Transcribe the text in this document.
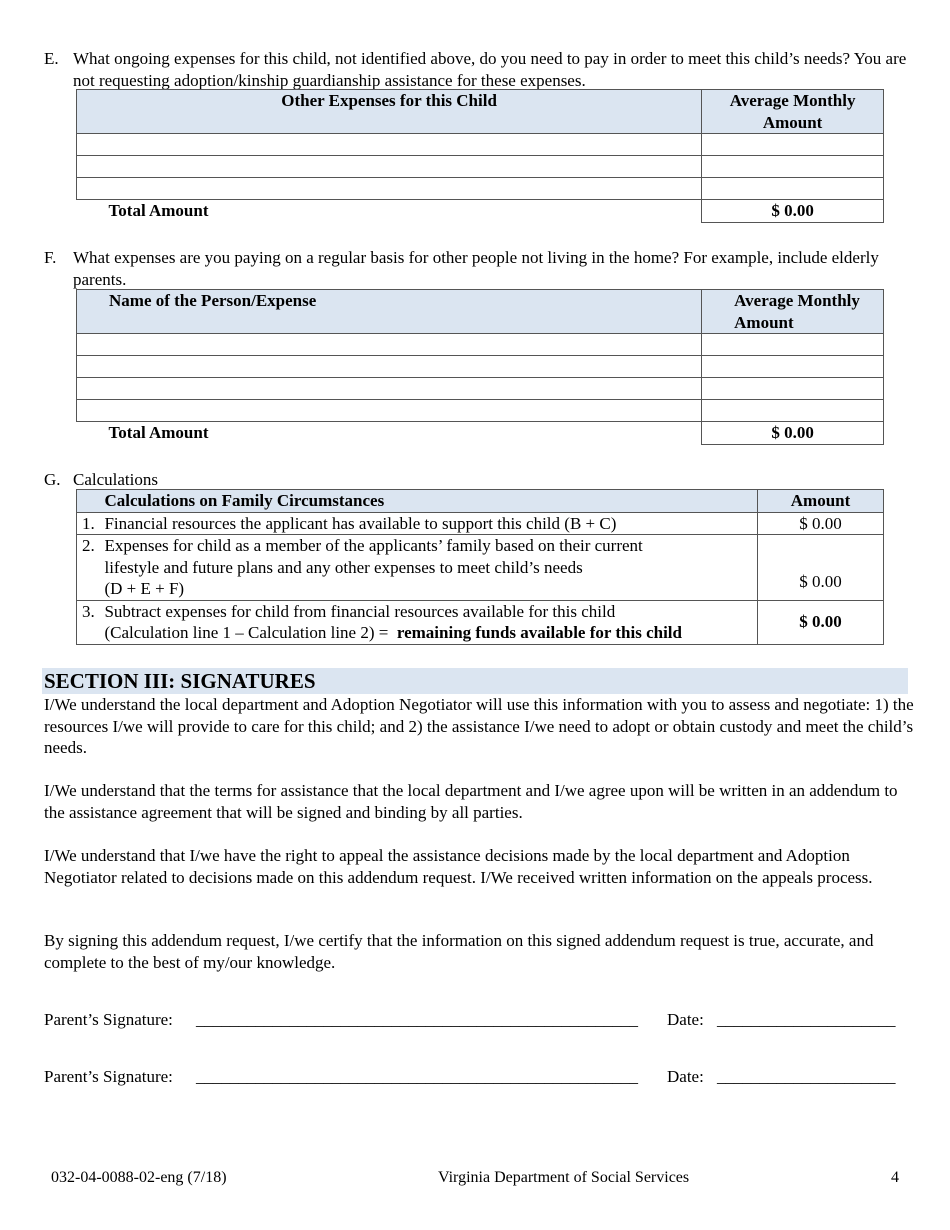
E. What ongoing expenses for this child, not identified above, do you need to pay in order to meet this child’s needs? You are not requesting adoption/kinship guardianship assistance for these expenses.
Other Expenses for this Child	Average Monthly Amount

Total Amount	$ 0.00
F. What expenses are you paying on a regular basis for other people not living in the home? For example, include elderly parents.
Name of the Person/Expense	Average Monthly Amount

Total Amount	$ 0.00
G. Calculations
	Calculations on Family Circumstances	Amount
1.	Financial resources the applicant has available to support this child (B + C)	$ 0.00
2.	Expenses for child as a member of the applicants’ family based on their current
lifestyle and future plans and any other expenses to meet child’s needs
(D + E + F)	$ 0.00
3.	Subtract expenses for child from financial resources available for this child
(Calculation line 1 – Calculation line 2) = remaining funds available for this child	$ 0.00
SECTION III: SIGNATURES
I/We understand the local department and Adoption Negotiator will use this information with you to assess and negotiate: 1) the resources I/we will provide to care for this child; and 2) the assistance I/we need to adopt or obtain custody and meet the child’s needs.
I/We understand that the terms for assistance that the local department and I/we agree upon will be written in an addendum to the assistance agreement that will be signed and binding by all parties.
I/We understand that I/we have the right to appeal the assistance decisions made by the local department and Adoption Negotiator related to decisions made on this addendum request. I/We received written information on the appeals process.
By signing this addendum request, I/we certify that the information on this signed addendum request is true, accurate, and complete to the best of my/our knowledge.
Parent’s Signature: ____________________________________________________ Date: _____________________
Parent’s Signature: ____________________________________________________ Date: _____________________
032-04-0088-02-eng (7/18)	Virginia Department of Social Services	4
